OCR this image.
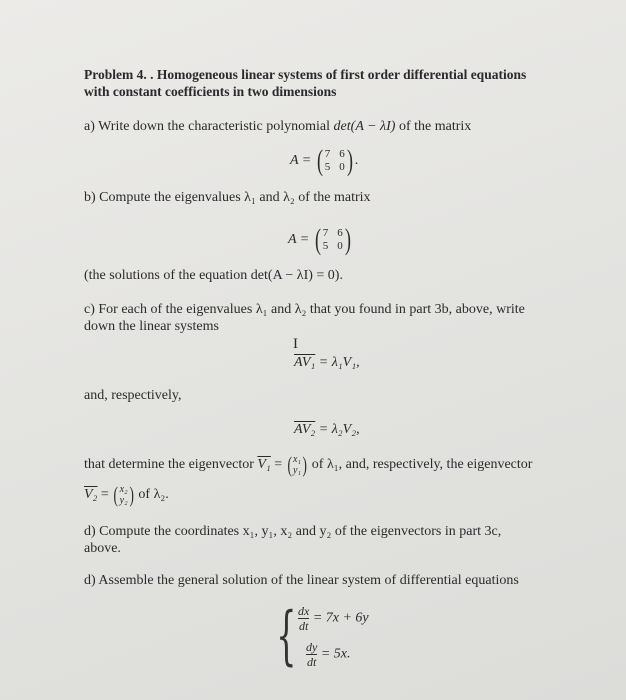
Problem 4. . Homogeneous linear systems of first order differential equations
with constant coefficients in two dimensions
a) Write down the characteristic polynomial det(A − λI) of the matrix
A = ( 7 6
5 0 ) .
b) Compute the eigenvalues λ₁ and λ₂ of the matrix
A = ( 7 6
5 0 )
(the solutions of the equation det(A − λI) = 0).
c) For each of the eigenvalues λ₁ and λ₂ that you found in part 3b, above, write
down the linear systems
I
AV₁ = λ₁V₁,
and, respectively,
AV₂ = λ₂V₂,
that determine the eigenvector V₁ = ( x₁
y₁ ) of λ₁, and, respectively, the eigenvector
V₂ = ( x₂
y₂ ) of λ₂.
d) Compute the coordinates x₁, y₁, x₂ and y₂ of the eigenvectors in part 3c,
above.
d) Assemble the general solution of the linear system of differential equations
{ $\frac{dx}{dt} = 7x + 6y$
$\frac{dy}{dt} = 5x$.
